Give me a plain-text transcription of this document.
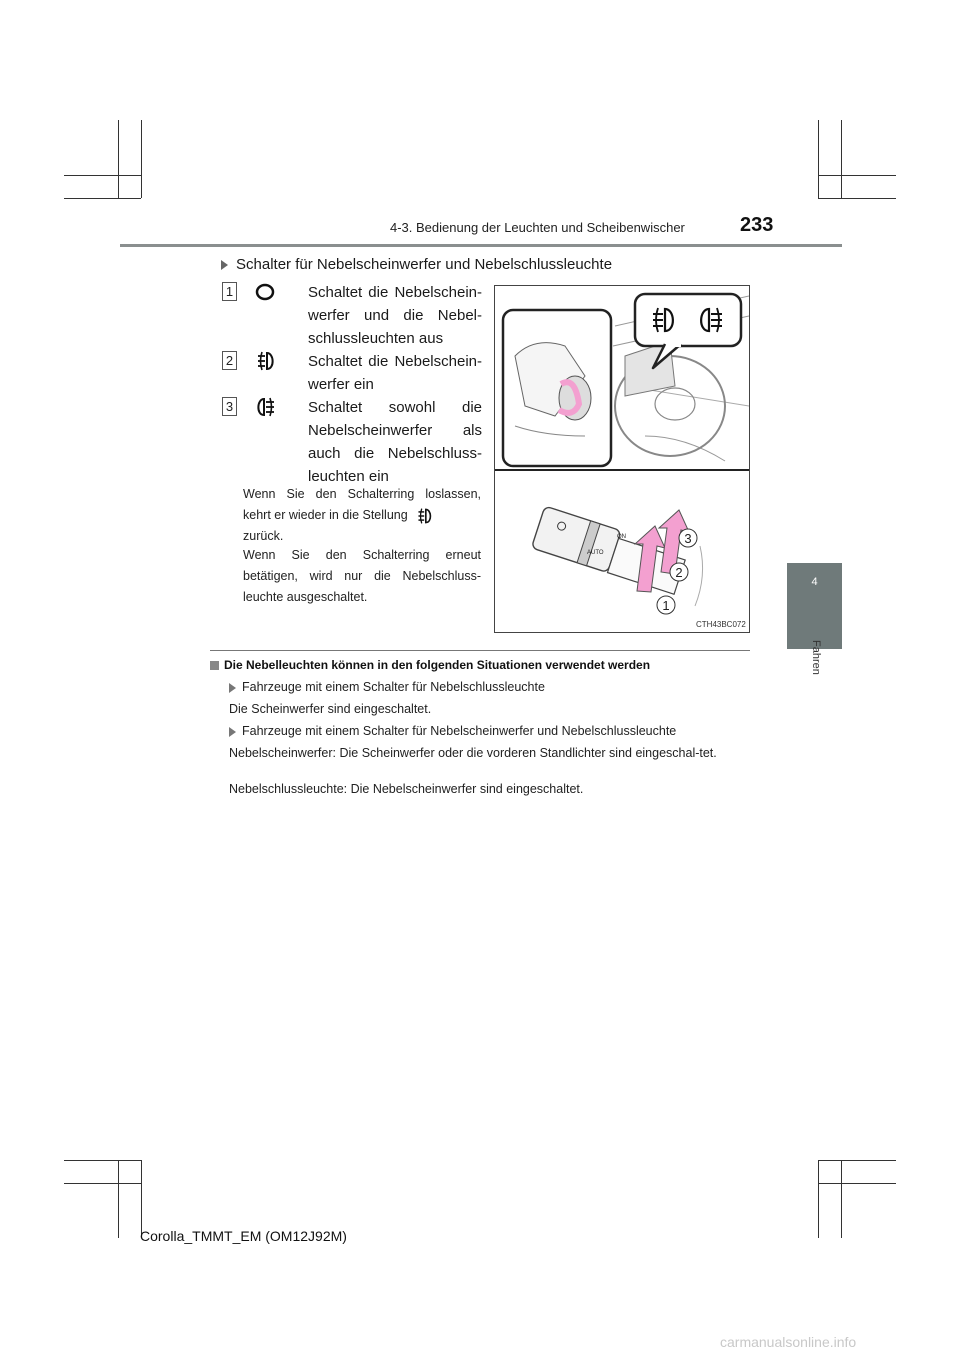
4-3. Bedienung der Leuchten und Scheibenwischer	233
4
Fahren
Schalter für Nebelscheinwerfer und Nebelschlussleuchte
1	Schaltet die Nebelscheinwerfer und die Nebelschlussleuchten aus
2	Schaltet die Nebelscheinwerfer ein
3	Schaltet sowohl die Nebelscheinwerfer als auch die Nebelschlussleuchten ein
Wenn Sie den Schalterring loslassen, kehrt er wieder in die Stellung
zurück.
Wenn Sie den Schalterring erneut betätigen, wird nur die Nebelschlussleuchte ausgeschaltet.
AUTO
ON	3
2
1
CTH43BC072
Die Nebelleuchten können in den folgenden Situationen verwendet werden
Fahrzeuge mit einem Schalter für Nebelschlussleuchte
Die Scheinwerfer sind eingeschaltet.
Fahrzeuge mit einem Schalter für Nebelscheinwerfer und Nebelschlussleuchte
Nebelscheinwerfer: Die Scheinwerfer oder die vorderen Standlichter sind eingeschal-tet.
Nebelschlussleuchte: Die Nebelscheinwerfer sind eingeschaltet.
Corolla_TMMT_EM (OM12J92M)
carmanualsonline.info
